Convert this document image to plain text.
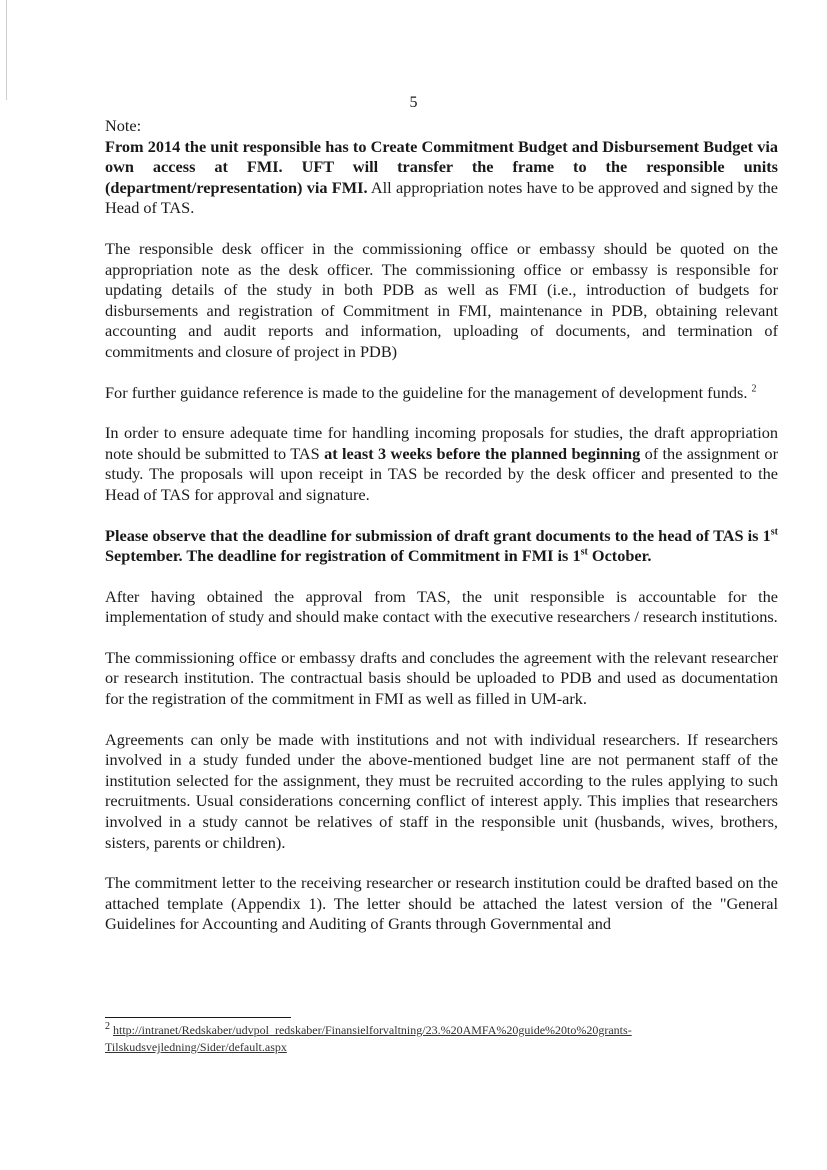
5

Note:

From 2014 the unit responsible has to Create Commitment Budget and Disbursement Budget via own access at FMI. UFT will transfer the frame to the responsible units (department/representation) via FMI. All appropriation notes have to be approved and signed by the Head of TAS.

The responsible desk officer in the commissioning office or embassy should be quoted on the appropriation note as the desk officer. The commissioning office or embassy is responsible for updating details of the study in both PDB as well as FMI (i.e., introduction of budgets for disbursements and registration of Commitment in FMI, maintenance in PDB, obtaining relevant accounting and audit reports and information, uploading of documents, and termination of commitments and closure of project in PDB)

For further guidance reference is made to the guideline for the management of development funds. $^2$

In order to ensure adequate time for handling incoming proposals for studies, the draft appropriation note should be submitted to TAS at least 3 weeks before the planned beginning of the assignment or study. The proposals will upon receipt in TAS be recorded by the desk officer and presented to the Head of TAS for approval and signature.

Please observe that the deadline for submission of draft grant documents to the head of TAS is 1st September. The deadline for registration of Commitment in FMI is 1st October.

After having obtained the approval from TAS, the unit responsible is accountable for the implementation of study and should make contact with the executive researchers / research institutions.

The commissioning office or embassy drafts and concludes the agreement with the relevant researcher or research institution. The contractual basis should be uploaded to PDB and used as documentation for the registration of the commitment in FMI as well as filled in UM-ark.

Agreements can only be made with institutions and not with individual researchers. If researchers involved in a study funded under the above-mentioned budget line are not permanent staff of the institution selected for the assignment, they must be recruited according to the rules applying to such recruitments. Usual considerations concerning conflict of interest apply. This implies that researchers involved in a study cannot be relatives of staff in the responsible unit (husbands, wives, brothers, sisters, parents or children).

The commitment letter to the receiving researcher or research institution could be drafted based on the attached template (Appendix 1). The letter should be attached the latest version of the "General Guidelines for Accounting and Auditing of Grants through Governmental and

$^2$ http://intranet/Redskaber/udvpol_redskaber/Finansielforvaltning/23.%20AMFA%20guide%20to%20grants-Tilskudsvejledning/Sider/default.aspx
